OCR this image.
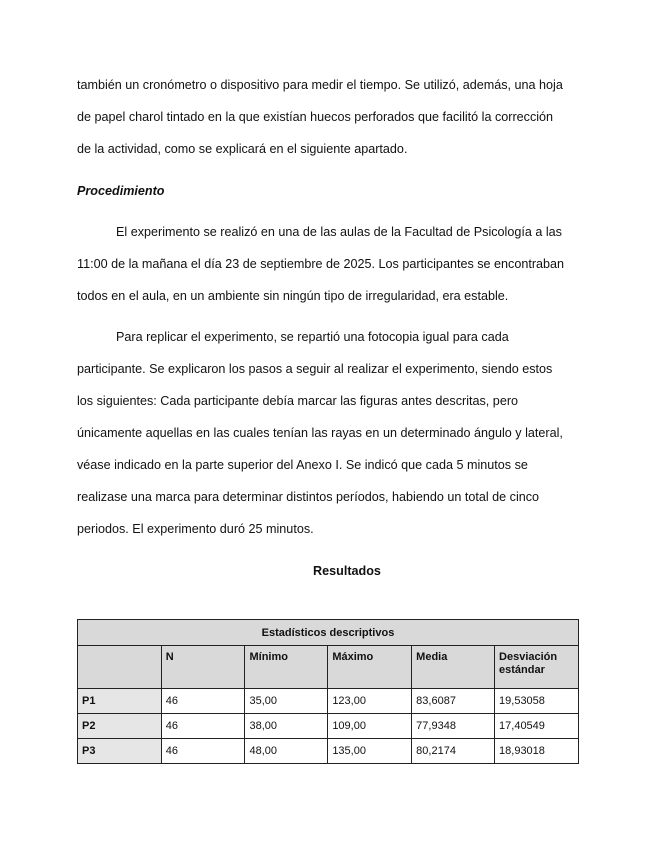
también un cronómetro o dispositivo para medir el tiempo. Se utilizó, además, una hoja
de papel charol tintado en la que existían huecos perforados que facilitó la corrección
de la actividad, como se explicará en el siguiente apartado.
Procedimiento
El experimento se realizó en una de las aulas de la Facultad de Psicología a las
11:00 de la mañana el día 23 de septiembre de 2025. Los participantes se encontraban
todos en el aula, en un ambiente sin ningún tipo de irregularidad, era estable.
Para replicar el experimento, se repartió una fotocopia igual para cada
participante. Se explicaron los pasos a seguir al realizar el experimento, siendo estos
los siguientes: Cada participante debía marcar las figuras antes descritas, pero
únicamente aquellas en las cuales tenían las rayas en un determinado ángulo y lateral,
véase indicado en la parte superior del Anexo I. Se indicó que cada 5 minutos se
realizase una marca para determinar distintos períodos, habiendo un total de cinco
periodos. El experimento duró 25 minutos.
Resultados
Estadísticos descriptivos					
	N	Mínimo	Máximo	Media	Desviación estándar
P1	46	35,00	123,00	83,6087	19,53058
P2	46	38,00	109,00	77,9348	17,40549
P3	46	48,00	135,00	80,2174	18,93018
